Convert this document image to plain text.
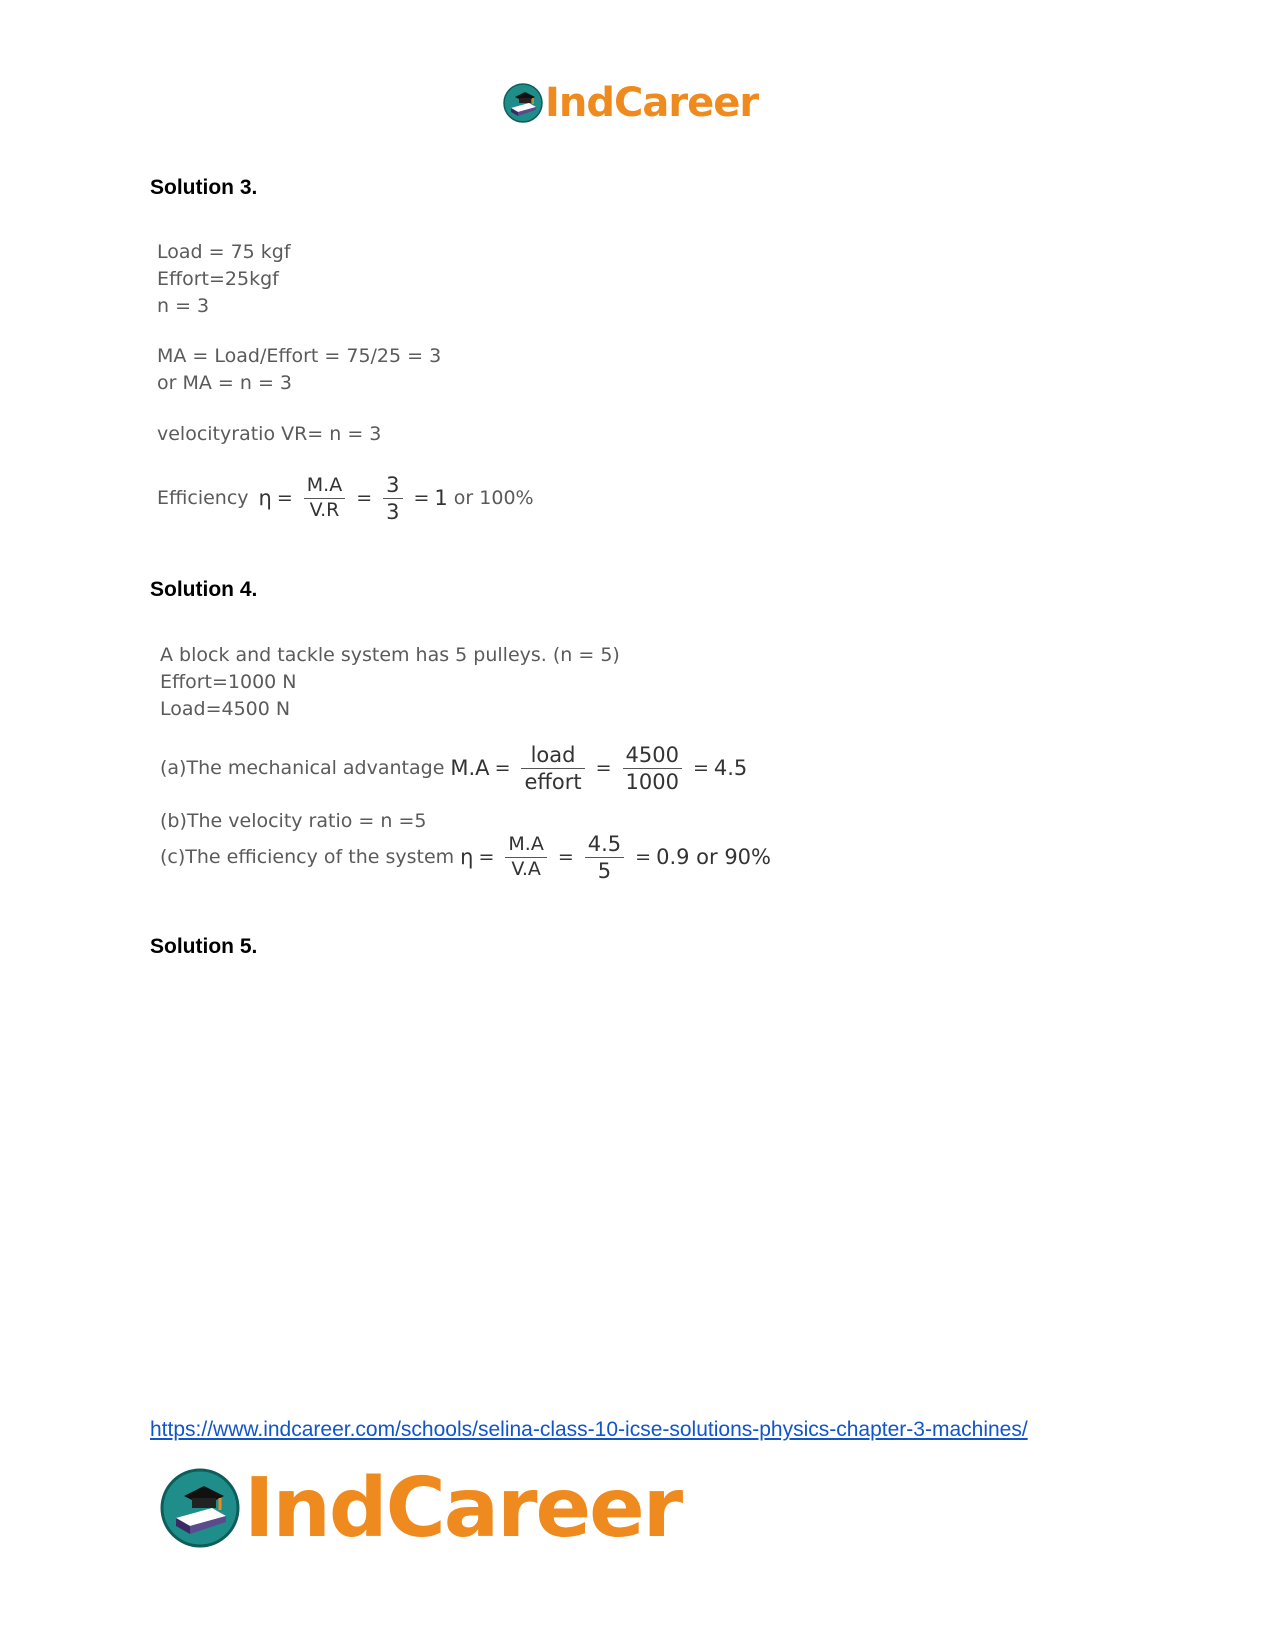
IndCareer
Solution 3.
Load = 75 kgf
Effort=25kgf
n = 3
MA = Load/Effort = 75/25 = 3
or MA = n = 3
velocityratio VR= n = 3
Efficiency $\eta = \frac{M.A}{V.R} = \frac{3}{3} = 1$ or 100%
Solution 4.
A block and tackle system has 5 pulleys. (n = 5)
Effort=1000 N
Load=4500 N
(a)The mechanical advantage $M.A = \frac{\text{load}}{\text{effort}} = \frac{4500}{1000} = 4.5$
(b)The velocity ratio = n =5
(c)The efficiency of the system $\eta = \frac{M.A}{V.A} = \frac{4.5}{5} = 0.9$ or 90%
Solution 5.
https://www.indcareer.com/schools/selina-class-10-icse-solutions-physics-chapter-3-machines/
IndCareer
